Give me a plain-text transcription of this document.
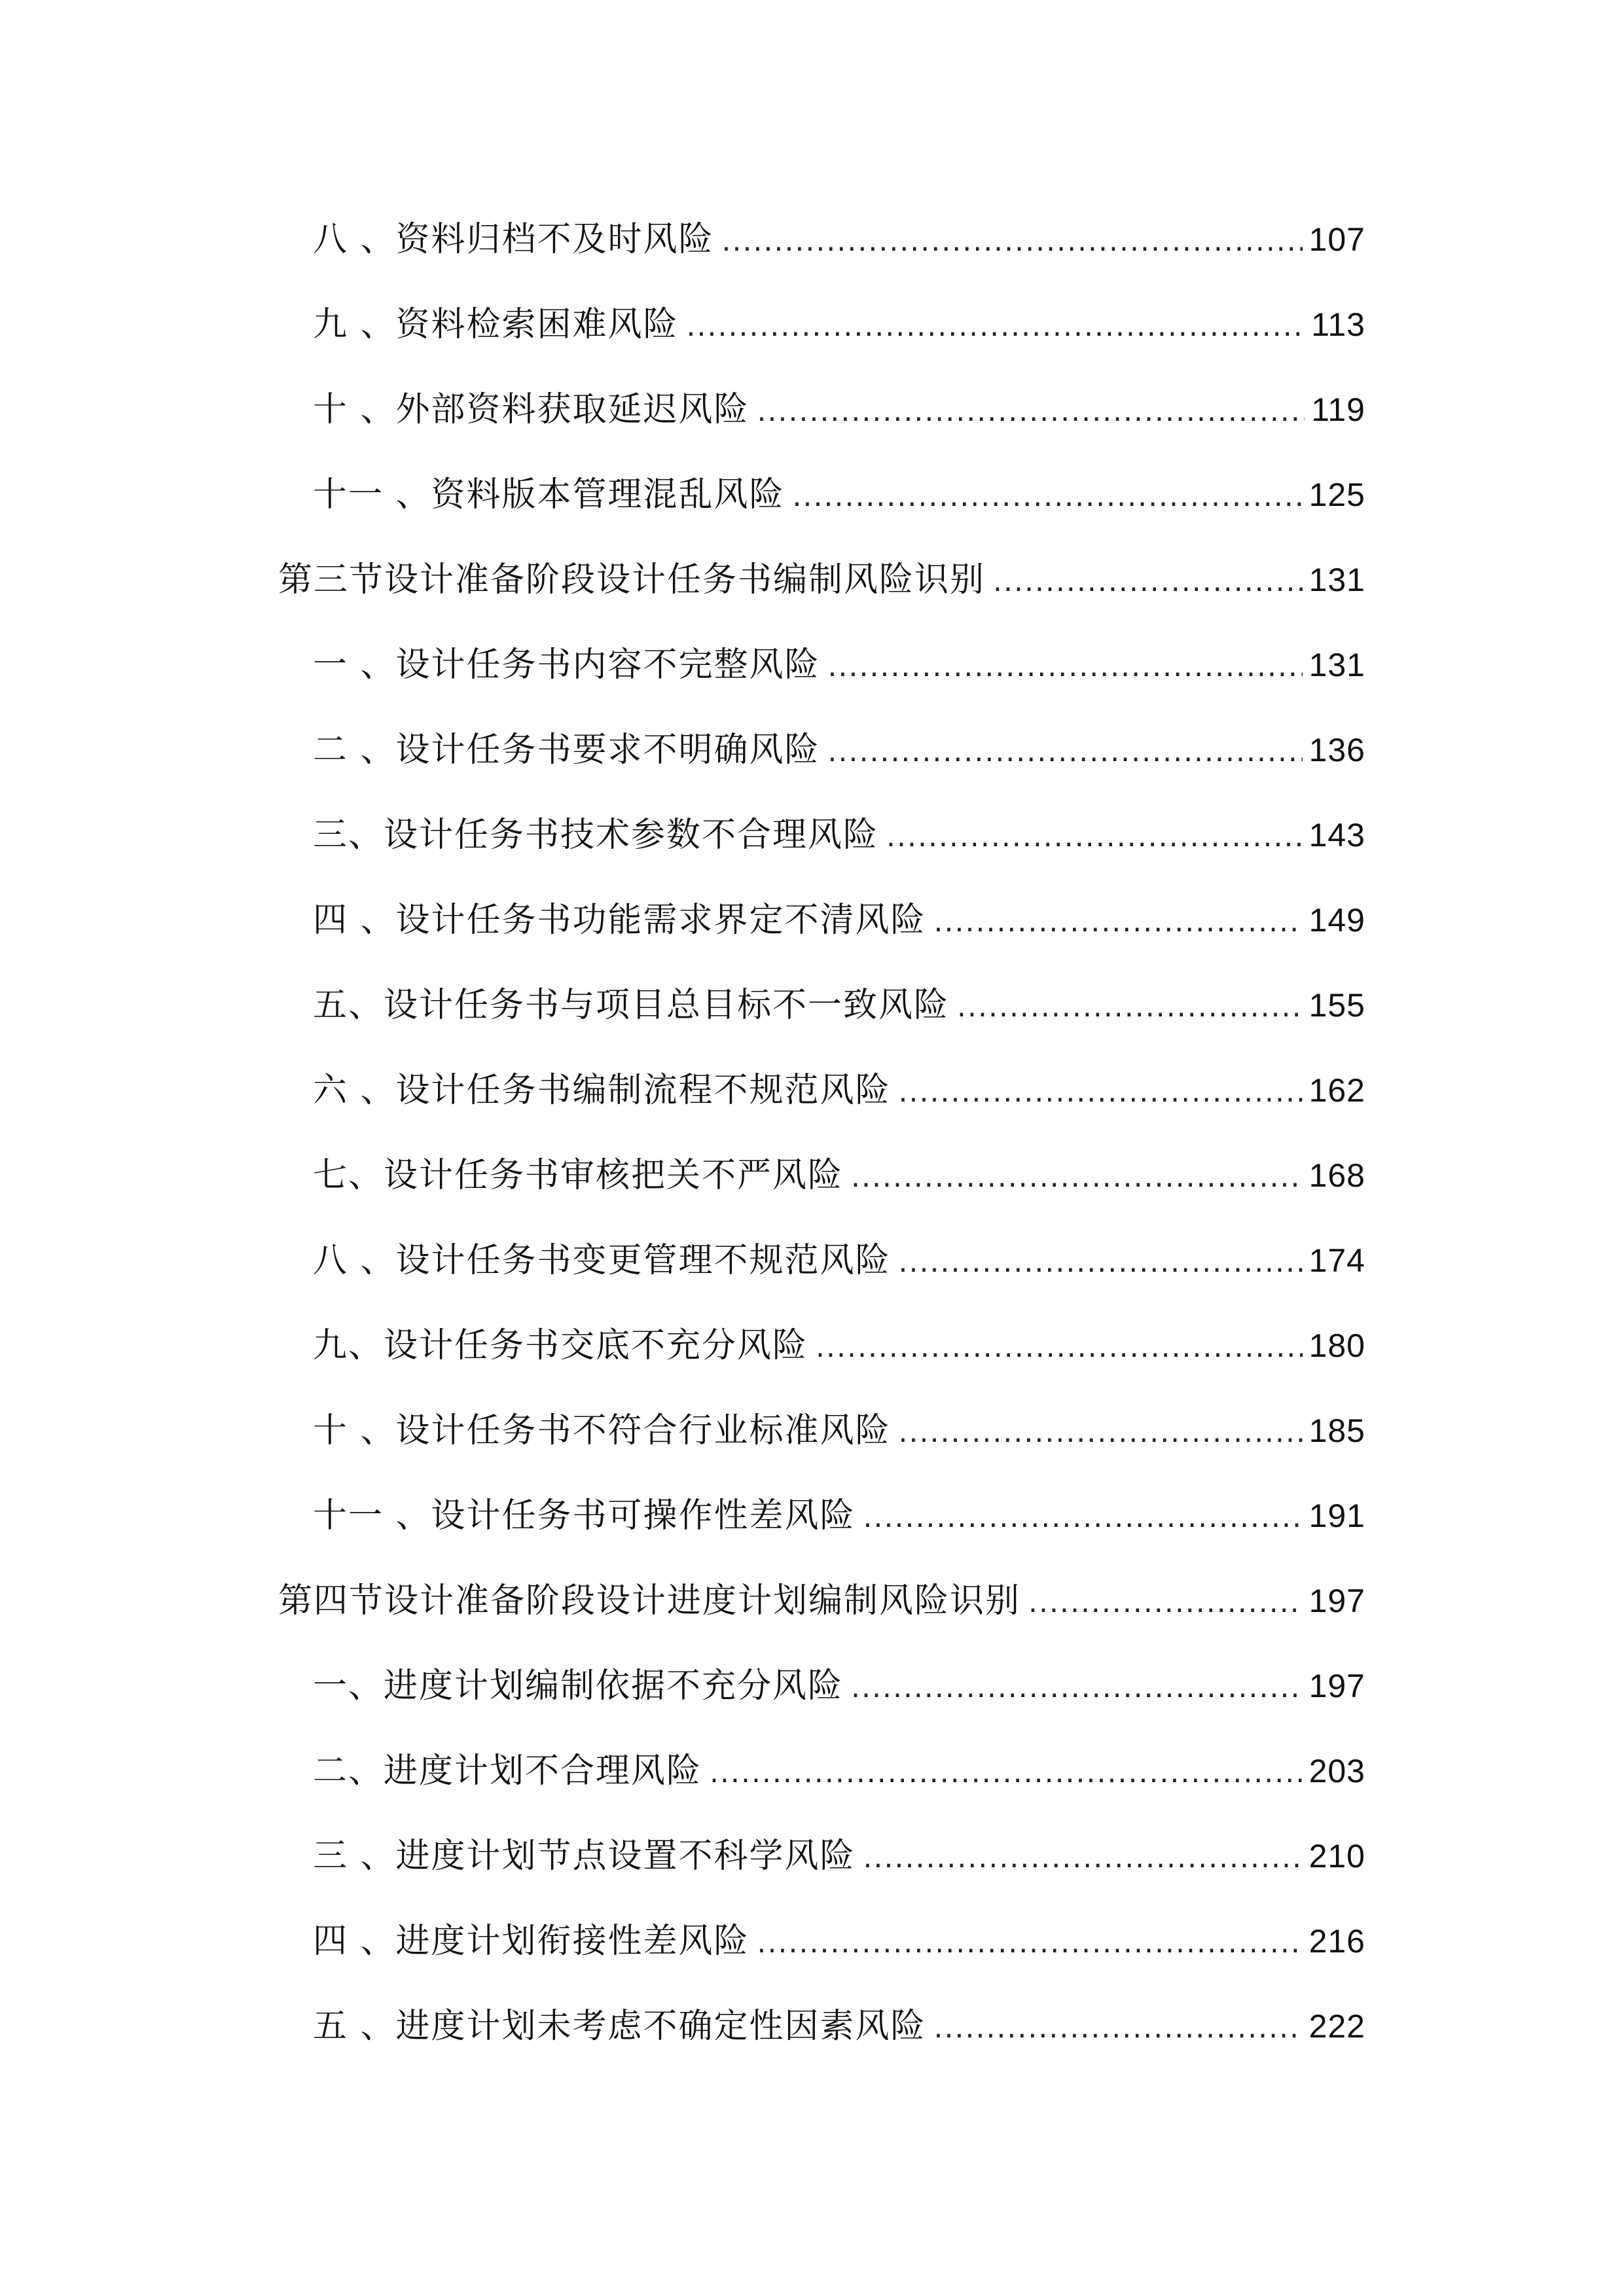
八 、资料归档不及时风险 .....	107
九 、资料检索困难风险 .....	113
十 、外部资料获取延迟风险 .....	119
十一 、资料版本管理混乱风险 .....	125
第三节设计准备阶段设计任务书编制风险识别 .....	131
一 、设计任务书内容不完整风险 .....	131
二 、设计任务书要求不明确风险 .....	136
三、设计任务书技术参数不合理风险 .....	143
四 、设计任务书功能需求界定不清风险 .....	149
五、设计任务书与项目总目标不一致风险 .....	155
六 、设计任务书编制流程不规范风险 .....	162
七、设计任务书审核把关不严风险 .....	168
八 、设计任务书变更管理不规范风险 .....	174
九、设计任务书交底不充分风险 .....	180
十 、设计任务书不符合行业标准风险 .....	185
十一 、设计任务书可操作性差风险 .....	191
第四节设计准备阶段设计进度计划编制风险识别 .....	197
一、进度计划编制依据不充分风险 .....	197
二、进度计划不合理风险 .....	203
三 、进度计划节点设置不科学风险 .....	210
四 、进度计划衔接性差风险 .....	216
五 、进度计划未考虑不确定性因素风险 .....	222
